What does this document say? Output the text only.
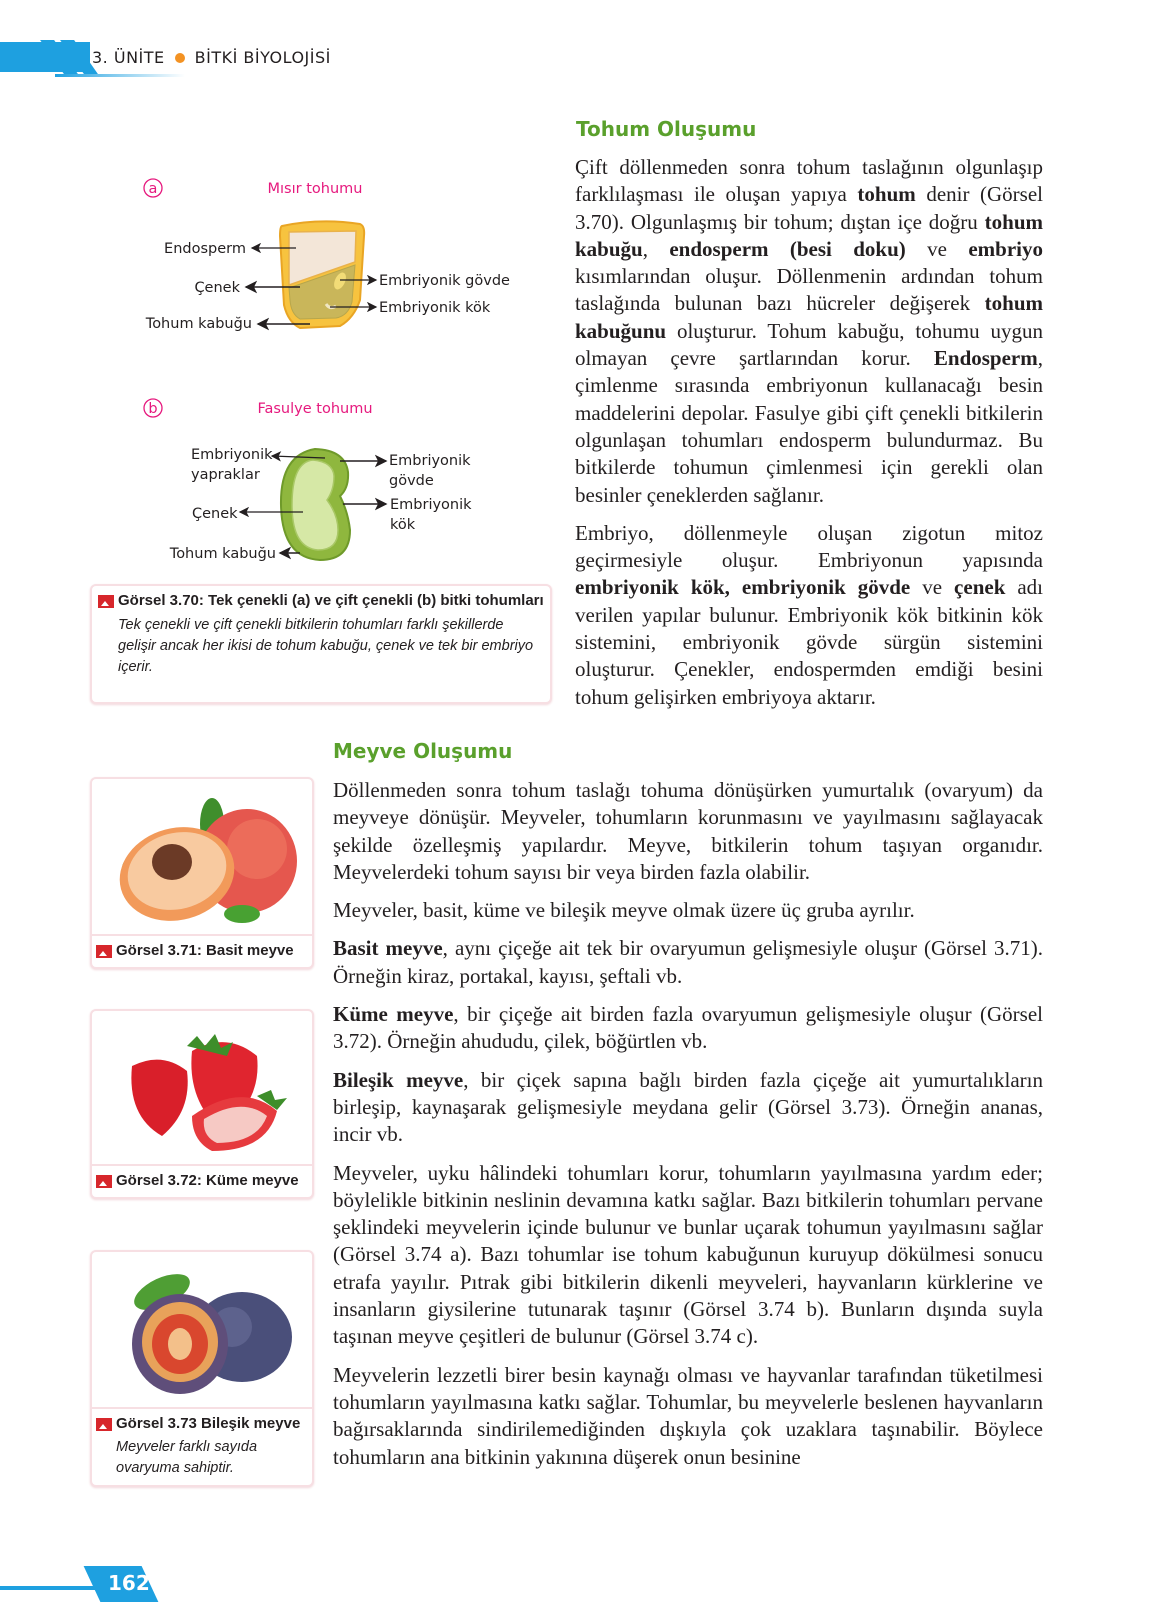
3. ÜNİTE BİTKİ BİYOLOJİSİ
a	Mısır tohumu
Endosperm
Çenek
Tohum kabuğu
Embriyonik gövde
Embriyonik kök
b	Fasulye tohumu
Embriyonik
yapraklar
Çenek
Tohum kabuğu
Embriyonik
gövde
Embriyonik
kök
Görsel 3.70: Tek çenekli (a) ve çift çenekli (b) bitki tohumları
Tek çenekli ve çift çenekli bitkilerin tohumları farklı şekillerde gelişir ancak her ikisi de tohum kabuğu, çenek ve tek bir embriyo içerir.
Tohum Oluşumu

Çift döllenmeden sonra tohum taslağının olgunlaşıp farklılaşması ile oluşan yapıya tohum denir (Görsel 3.70). Olgunlaşmış bir tohum; dıştan içe doğru tohum kabuğu, endosperm (besi doku) ve embriyo kısımlarından oluşur. Döllenmenin ardından tohum taslağında bulunan bazı hücreler değişerek tohum kabuğunu oluşturur. Tohum kabuğu, tohumu uygun olmayan çevre şartlarından korur. Endosperm, çimlenme sırasında embriyonun kullanacağı besin maddelerini depolar. Fasulye gibi çift çenekli bitkilerin olgunlaşan tohumları endosperm bulundurmaz. Bu bitkilerde tohumun çimlenmesi için gerekli olan besinler çeneklerden sağlanır.

Embriyo, döllenmeyle oluşan zigotun mitoz geçirmesiyle oluşur. Embriyonun yapısında embriyonik kök, embriyonik gövde ve çenek adı verilen yapılar bulunur. Embriyonik kök bitkinin kök sistemini, embriyonik gövde sürgün sistemini oluşturur. Çenekler, endospermden emdiği besini tohum gelişirken embriyoya aktarır.

Meyve Oluşumu

Döllenmeden sonra tohum taslağı tohuma dönüşürken yumurtalık (ovaryum) da meyveye dönüşür. Meyveler, tohumların korunmasını ve yayılmasını sağlayacak şekilde özelleşmiş yapılardır. Meyve, bitkilerin tohum taşıyan organıdır. Meyvelerdeki tohum sayısı bir veya birden fazla olabilir.

Meyveler, basit, küme ve bileşik meyve olmak üzere üç gruba ayrılır.

Basit meyve, aynı çiçeğe ait tek bir ovaryumun gelişmesiyle oluşur (Görsel 3.71). Örneğin kiraz, portakal, kayısı, şeftali vb.

Küme meyve, bir çiçeğe ait birden fazla ovaryumun gelişmesiyle oluşur (Görsel 3.72). Örneğin ahududu, çilek, böğürtlen vb.

Bileşik meyve, bir çiçek sapına bağlı birden fazla çiçeğe ait yumurtalıkların birleşip, kaynaşarak gelişmesiyle meydana gelir (Görsel 3.73). Örneğin ananas, incir vb.

Meyveler, uyku hâlindeki tohumları korur, tohumların yayılmasına yardım eder; böylelikle bitkinin neslinin devamına katkı sağlar. Bazı bitkilerin tohumları pervane şeklindeki meyvelerin içinde bulunur ve bunlar uçarak tohumun yayılmasını sağlar (Görsel 3.74 a). Bazı tohumlar ise tohum kabuğunun kuruyup dökülmesi sonucu etrafa yayılır. Pıtrak gibi bitkilerin dikenli meyveleri, hayvanların kürklerine ve insanların giysilerine tutunarak taşınır (Görsel 3.74 b). Bunların dışında suyla taşınan meyve çeşitleri de bulunur (Görsel 3.74 c).

Meyvelerin lezzetli birer besin kaynağı olması ve hayvanlar tarafından tüketilmesi tohumların yayılmasına katkı sağlar. Tohumlar, bu meyvelerle beslenen hayvanların bağırsaklarında sindirilemediğinden dışkıyla çok uzaklara taşınabilir. Böylece tohumların ana bitkinin yakınına düşerek onun besinine

Görsel 3.71: Basit meyve
Görsel 3.72: Küme meyve
Görsel 3.73 Bileşik meyve
Meyveler farklı sayıda ovaryuma sahiptir.
162
